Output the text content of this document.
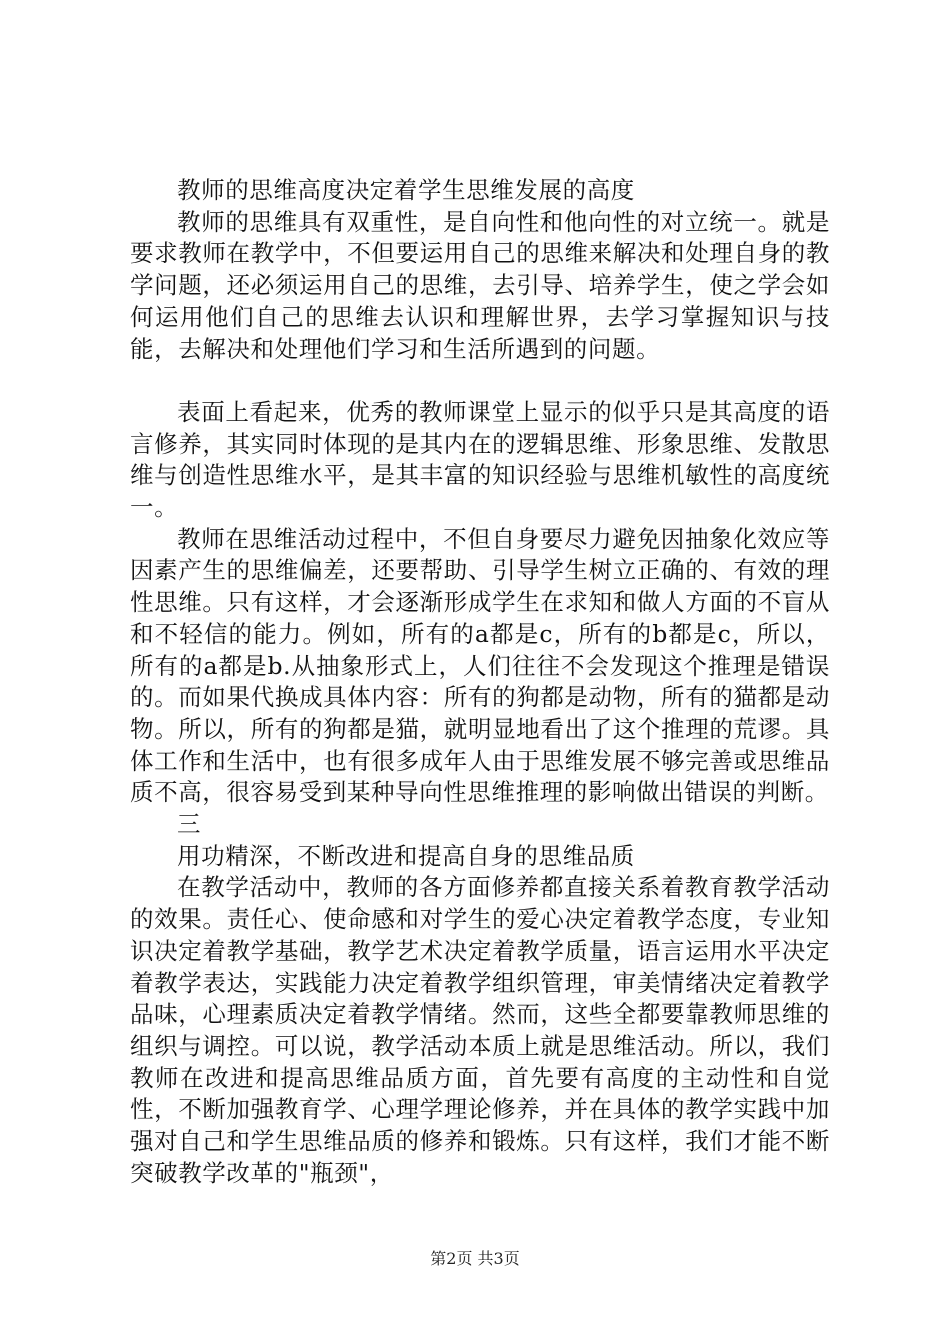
教师的思维高度决定着学生思维发展的高度

教师的思维具有双重性，是自向性和他向性的对立统一。就是要求教师在教学中，不但要运用自己的思维来解决和处理自身的教学问题，还必须运用自己的思维，去引导、培养学生，使之学会如何运用他们自己的思维去认识和理解世界，去学习掌握知识与技能，去解决和处理他们学习和生活所遇到的问题。

表面上看起来，优秀的教师课堂上显示的似乎只是其高度的语言修养，其实同时体现的是其内在的逻辑思维、形象思维、发散思维与创造性思维水平，是其丰富的知识经验与思维机敏性的高度统一。

教师在思维活动过程中，不但自身要尽力避免因抽象化效应等因素产生的思维偏差，还要帮助、引导学生树立正确的、有效的理性思维。只有这样，才会逐渐形成学生在求知和做人方面的不盲从和不轻信的能力。例如，所有的a都是c，所有的b都是c，所以，所有的a都是b.从抽象形式上，人们往往不会发现这个推理是错误的。而如果代换成具体内容：所有的狗都是动物，所有的猫都是动物。所以，所有的狗都是猫，就明显地看出了这个推理的荒谬。具体工作和生活中，也有很多成年人由于思维发展不够完善或思维品质不高，很容易受到某种导向性思维推理的影响做出错误的判断。

三

用功精深，不断改进和提高自身的思维品质

在教学活动中，教师的各方面修养都直接关系着教育教学活动的效果。责任心、使命感和对学生的爱心决定着教学态度，专业知识决定着教学基础，教学艺术决定着教学质量，语言运用水平决定着教学表达，实践能力决定着教学组织管理，审美情绪决定着教学品味，心理素质决定着教学情绪。然而，这些全都要靠教师思维的组织与调控。可以说，教学活动本质上就是思维活动。所以，我们教师在改进和提高思维品质方面，首先要有高度的主动性和自觉性，不断加强教育学、心理学理论修养，并在具体的教学实践中加强对自己和学生思维品质的修养和锻炼。只有这样，我们才能不断突破教学改革的"瓶颈"，

第2页 共3页
